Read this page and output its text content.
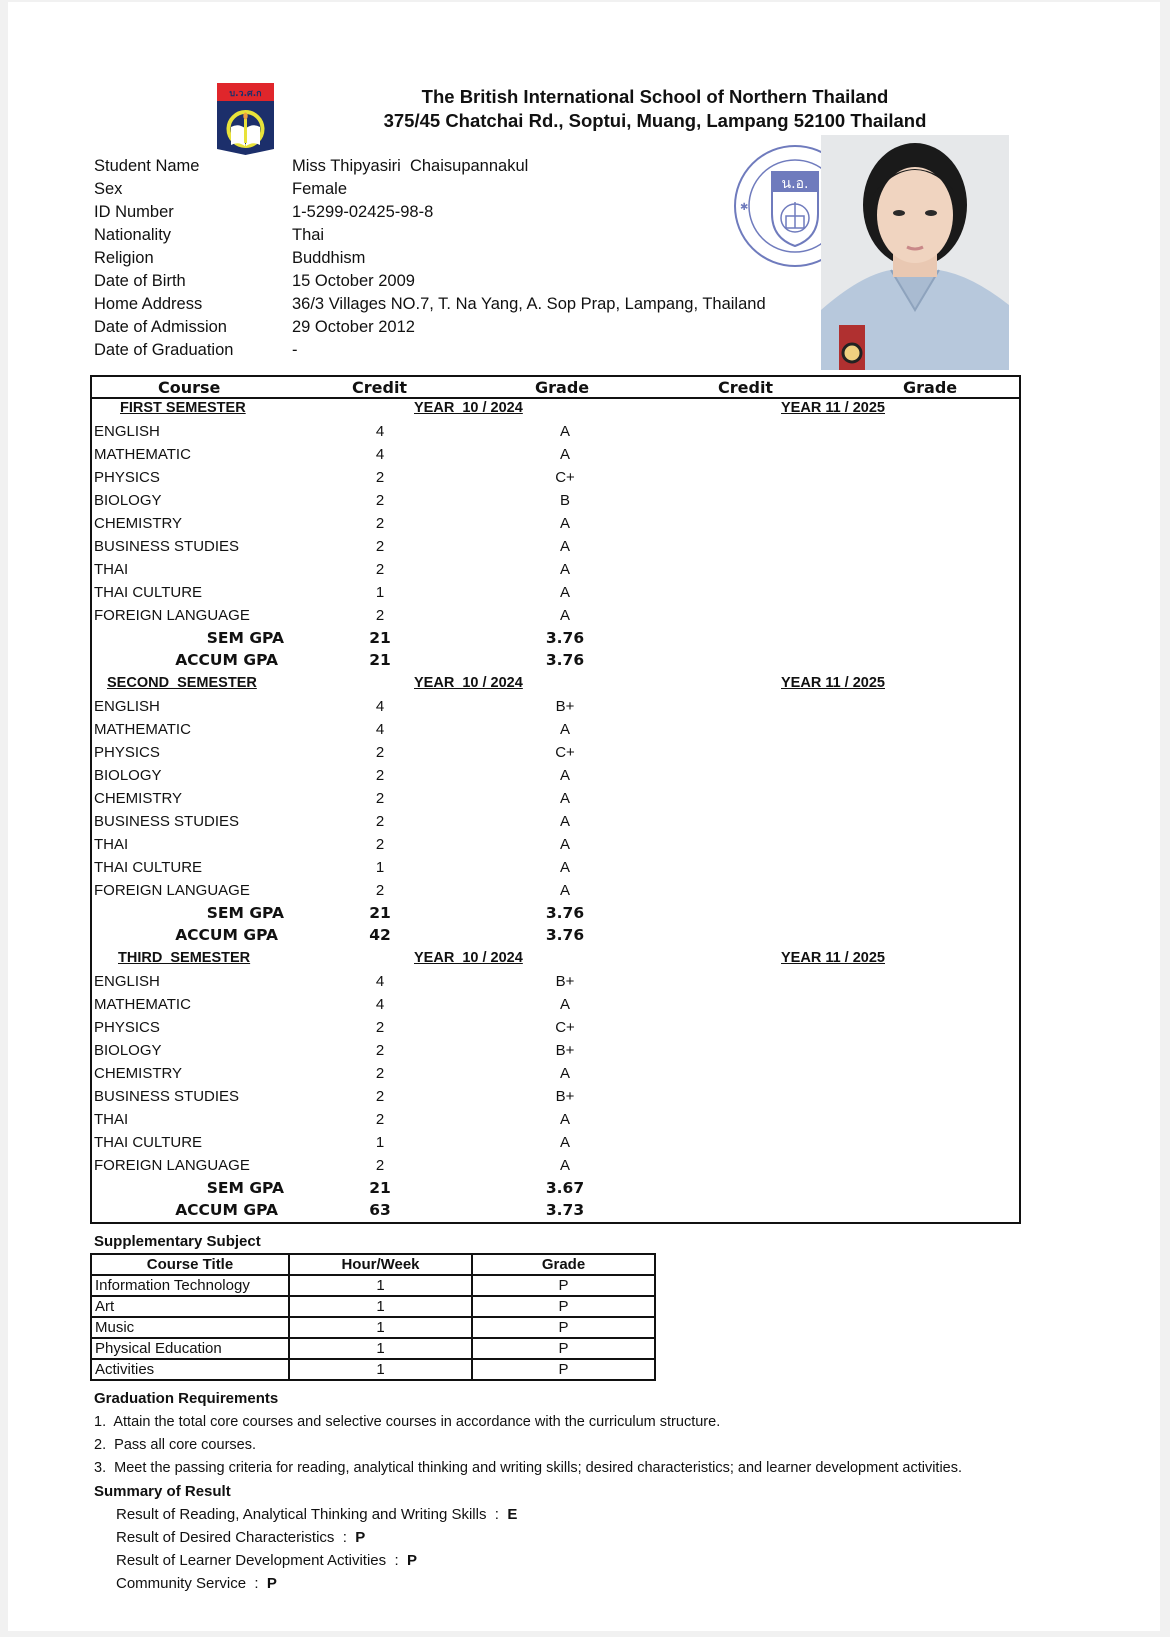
บ.ว.ศ.ก	The British International School of Northern Thailand
375/45 Chatchai Rd., Soptui, Muang, Lampang 52100 Thailand
น.อ.
✱
Student Name	Miss Thipyasiri  Chaisupannakul
Sex	Female
ID Number	1-5299-02425-98-8
Nationality	Thai
Religion	Buddhism
Date of Birth	15 October 2009
Home Address	36/3 Villages NO.7, T. Na Yang, A. Sop Prap, Lampang, Thailand
Date of Admission	29 October 2012
Date of Graduation	-
Course	Credit	Grade	Credit	Grade
FIRST SEMESTER	YEAR  10 / 2024	YEAR 11 / 2025
ENGLISH	4	A
MATHEMATIC	4	A
PHYSICS	2	C+
BIOLOGY	2	B
CHEMISTRY	2	A
BUSINESS STUDIES	2	A
THAI	2	A
THAI CULTURE	1	A
FOREIGN LANGUAGE	2	A
SEM GPA	21	3.76
ACCUM GPA	21	3.76
SECOND  SEMESTER	YEAR  10 / 2024	YEAR 11 / 2025
ENGLISH	4	B+
MATHEMATIC	4	A
PHYSICS	2	C+
BIOLOGY	2	A
CHEMISTRY	2	A
BUSINESS STUDIES	2	A
THAI	2	A
THAI CULTURE	1	A
FOREIGN LANGUAGE	2	A
SEM GPA	21	3.76
ACCUM GPA	42	3.76
THIRD  SEMESTER	YEAR  10 / 2024	YEAR 11 / 2025
ENGLISH	4	B+
MATHEMATIC	4	A
PHYSICS	2	C+
BIOLOGY	2	B+
CHEMISTRY	2	A
BUSINESS STUDIES	2	B+
THAI	2	A
THAI CULTURE	1	A
FOREIGN LANGUAGE	2	A
SEM GPA	21	3.67
ACCUM GPA	63	3.73
Supplementary Subject
Course Title	Hour/Week	Grade
Information Technology	1	P
Art	1	P
Music	1	P
Physical Education	1	P
Activities	1	P
Graduation Requirements
1.  Attain the total core courses and selective courses in accordance with the curriculum structure.
2.  Pass all core courses.
3.  Meet the passing criteria for reading, analytical thinking and writing skills; desired characteristics; and learner development activities.
Summary of Result
Result of Reading, Analytical Thinking and Writing Skills  :  E
Result of Desired Characteristics  :  P
Result of Learner Development Activities  :  P
Community Service  :  P
